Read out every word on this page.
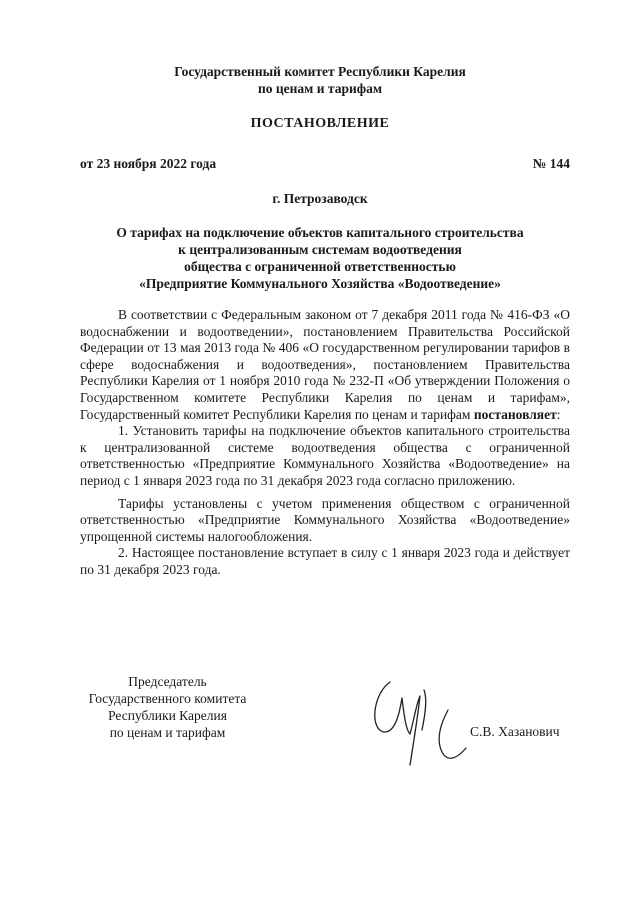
Государственный комитет Республики Карелия
по ценам и тарифам
ПОСТАНОВЛЕНИЕ
от 23 ноября 2022 года	№ 144
г. Петрозаводск
О тарифах на подключение объектов капитального строительства
к централизованным системам водоотведения
общества с ограниченной ответственностью
«Предприятие Коммунального Хозяйства «Водоотведение»

В соответствии с Федеральным законом от 7 декабря 2011 года № 416-ФЗ «О водоснабжении и водоотведении», постановлением Правительства Российской Федерации от 13 мая 2013 года № 406 «О государственном регулировании тарифов в сфере водоснабжения и водоотведения», постановлением Правительства Республики Карелия от 1 ноября 2010 года № 232-П «Об утверждении Положения о Государственном комитете Республики Карелия по ценам и тарифам», Государственный комитет Республики Карелия по ценам и тарифам постановляет:

1. Установить тарифы на подключение объектов капитального строительства к централизованной системе водоотведения общества с ограниченной ответственностью «Предприятие Коммунального Хозяйства «Водоотведение» на период с 1 января 2023 года по 31 декабря 2023 года согласно приложению.

Тарифы установлены с учетом применения обществом с ограниченной ответственностью «Предприятие Коммунального Хозяйства «Водоотведение» упрощенной системы налогообложения.

2. Настоящее постановление вступает в силу с 1 января 2023 года и действует по 31 декабря 2023 года.

Председатель
Государственного комитета
Республики Карелия
по ценам и тарифам	С.В. Хазанович
